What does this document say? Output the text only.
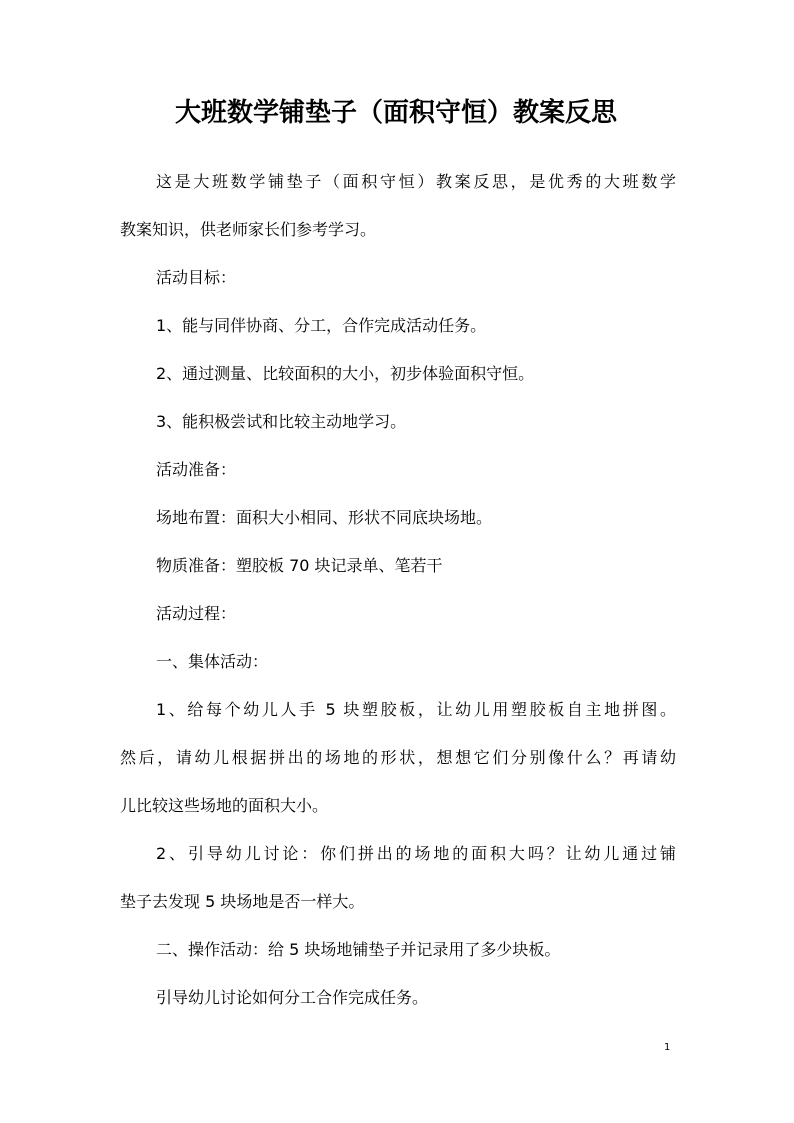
大班数学铺垫子（面积守恒）教案反思
这是大班数学铺垫子（面积守恒）教案反思，是优秀的大班数学
教案知识，供老师家长们参考学习。
活动目标：
1、能与同伴协商、分工，合作完成活动任务。
2、通过测量、比较面积的大小，初步体验面积守恒。
3、能积极尝试和比较主动地学习。
活动准备：
场地布置：面积大小相同、形状不同底块场地。
物质准备：塑胶板 70 块记录单、笔若干
活动过程：
一、集体活动：
1、给每个幼儿人手 5 块塑胶板，让幼儿用塑胶板自主地拼图。
然后，请幼儿根据拼出的场地的形状，想想它们分别像什么？再请幼
儿比较这些场地的面积大小。
2、引导幼儿讨论：你们拼出的场地的面积大吗？让幼儿通过铺
垫子去发现 5 块场地是否一样大。
二、操作活动：给 5 块场地铺垫子并记录用了多少块板。
引导幼儿讨论如何分工合作完成任务。
1
